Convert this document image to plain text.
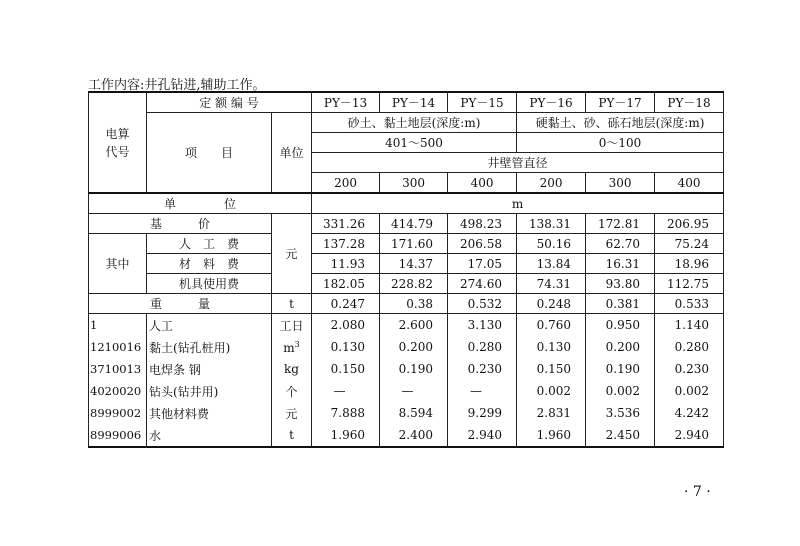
工作内容:井孔钻进,辅助工作。
电算代号	定 额 编 号		PY－13	PY－14	PY－15	PY－16	PY－17	PY－18
	项　　目	单位	砂土、黏土地层(深度:m)			硬黏土、砂、砾石地层(深度:m)		
			401～500			0～100		
			井壁管直径					
			200	300	400	200	300	400
单　　　　位			m					
基　　　价		元	331.26	414.79	498.23	138.31	172.81	206.95
其中	人　工　费		137.28	171.60	206.58	50.16	62.70	75.24
	材　料　费		11.93	14.37	17.05	13.84	16.31	18.96
	机具使用费		182.05	228.82	274.60	74.31	93.80	112.75
重　　　量		t	0.247	0.38	0.532	0.248	0.381	0.533
1	人工	工日	2.080	2.600	3.130	0.760	0.950	1.140
1210016	黏土(钻孔桩用)	$m^3$	0.130	0.200	0.280	0.130	0.200	0.280
3710013	电焊条 钢	kg	0.150	0.190	0.230	0.150	0.190	0.230
4020020	钻头(钻井用)	个	—	—	—	0.002	0.002	0.002
8999002	其他材料费	元	7.888	8.594	9.299	2.831	3.536	4.242
8999006	水	t	1.960	2.400	2.940	1.960	2.450	2.940
· 7 ·
